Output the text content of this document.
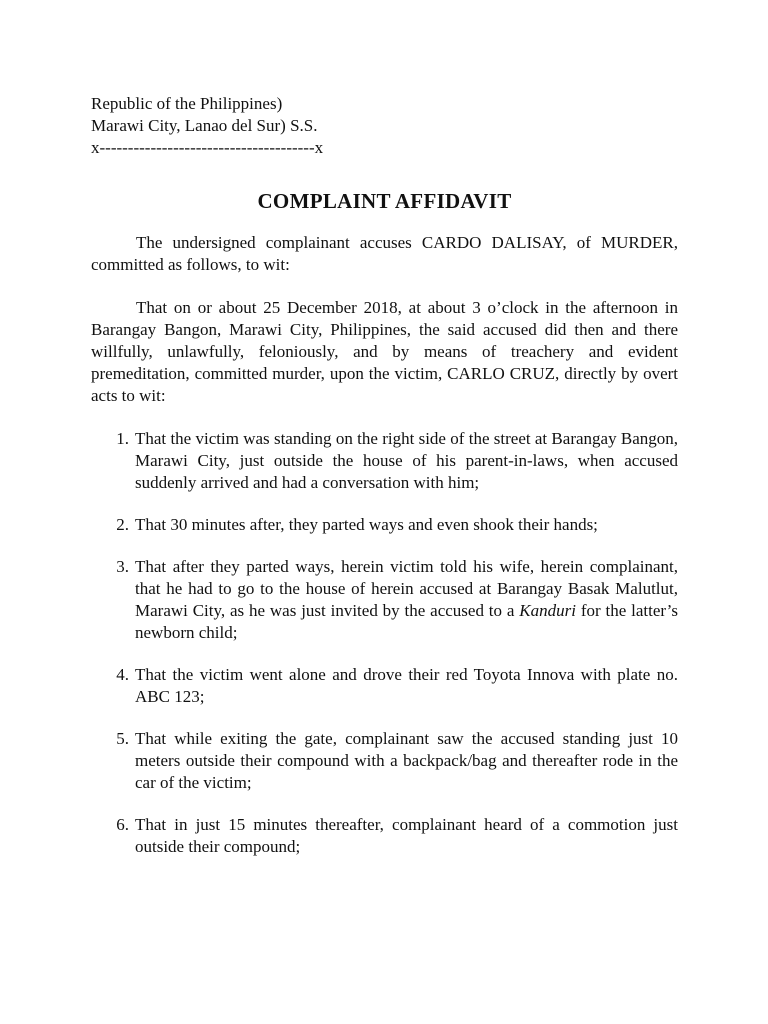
Republic of the Philippines)
Marawi City, Lanao del Sur) S.S.
x--------------------------------------x
COMPLAINT AFFIDAVIT

The undersigned complainant accuses CARDO DALISAY, of MURDER, committed as follows, to wit:

That on or about 25 December 2018, at about 3 o’clock in the afternoon in Barangay Bangon, Marawi City, Philippines, the said accused did then and there willfully, unlawfully, feloniously, and by means of treachery and evident premeditation, committed murder, upon the victim, CARLO CRUZ, directly by overt acts to wit:

1. That the victim was standing on the right side of the street at Barangay Bangon, Marawi City, just outside the house of his parent-in-laws, when accused suddenly arrived and had a conversation with him;
2. That 30 minutes after, they parted ways and even shook their hands;
3. That after they parted ways, herein victim told his wife, herein complainant, that he had to go to the house of herein accused at Barangay Basak Malutlut, Marawi City, as he was just invited by the accused to a Kanduri for the latter’s newborn child;
4. That the victim went alone and drove their red Toyota Innova with plate no. ABC 123;
5. That while exiting the gate, complainant saw the accused standing just 10 meters outside their compound with a backpack/bag and thereafter rode in the car of the victim;
6. That in just 15 minutes thereafter, complainant heard of a commotion just outside their compound;
